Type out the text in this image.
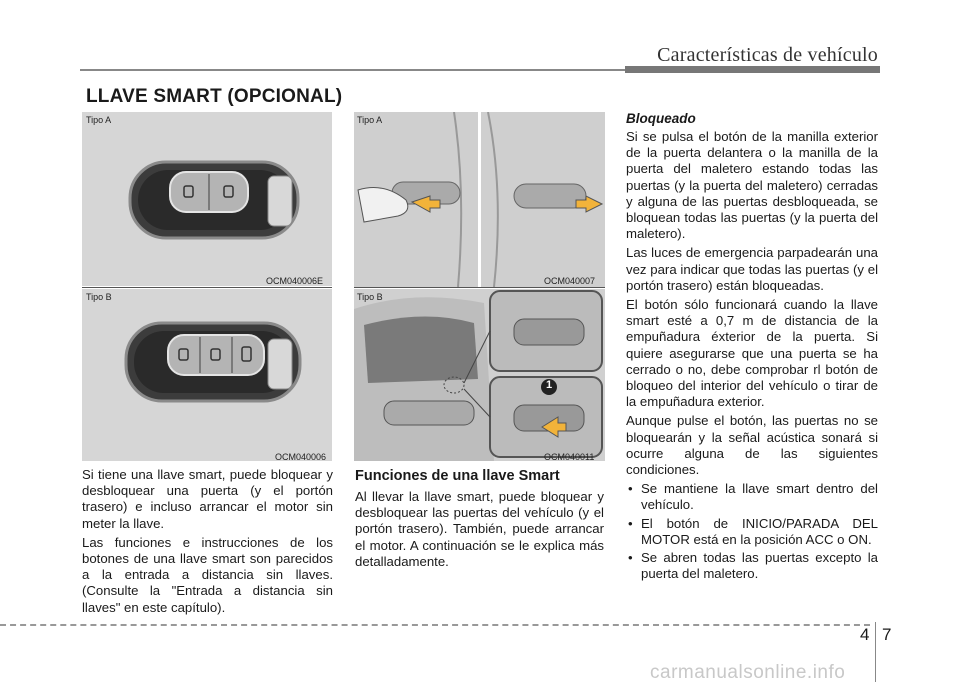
Características de vehículo
LLAVE SMART (OPCIONAL)
Tipo A
OCM040006E
Tipo B
OCM040006

Si tiene una llave smart, puede bloquear y desbloquear una puerta (y el portón trasero) e incluso arrancar el motor sin meter la llave.

Las funciones e instrucciones de los botones de una llave smart son parecidos a la entrada a distancia sin llaves. (Consulte la "Entrada a distancia sin llaves" en este capítulo).

Tipo A
OCM040007
1
Tipo B
OCM040011
Funciones de una llave Smart

Al llevar la llave smart, puede bloquear y desbloquear las puertas del vehículo (y el portón trasero). También, puede arrancar el motor. A continuación se le explica más detalladamente.

Bloqueado

Si se pulsa el botón de la manilla exterior de la puerta delantera o la manilla de la puerta del maletero estando todas las puertas (y la puerta del maletero) cerradas y alguna de las puertas desbloqueada, se bloquean todas las puertas (y la puerta del maletero).

Las luces de emergencia parpadearán una vez para indicar que todas las puertas (y el portón trasero) están bloqueadas.

El botón sólo funcionará cuando la llave smart esté a 0,7 m de distancia de la empuñadura éxterior de la puerta. Si quiere asegurarse que una puerta se ha cerrado o no, debe comprobar rl botón de bloqueo del interior del vehículo o tirar de la empuñadura exterior.

Aunque pulse el botón, las puertas no se bloquearán y la señal acústica sonará si ocurre alguna de las siguientes condiciones.

• Se mantiene la llave smart dentro del vehículo.
• El botón de INICIO/PARADA DEL MOTOR está en la posición ACC o ON.
• Se abren todas las puertas excepto la puerta del maletero.
4 7
carmanualsonline.info
